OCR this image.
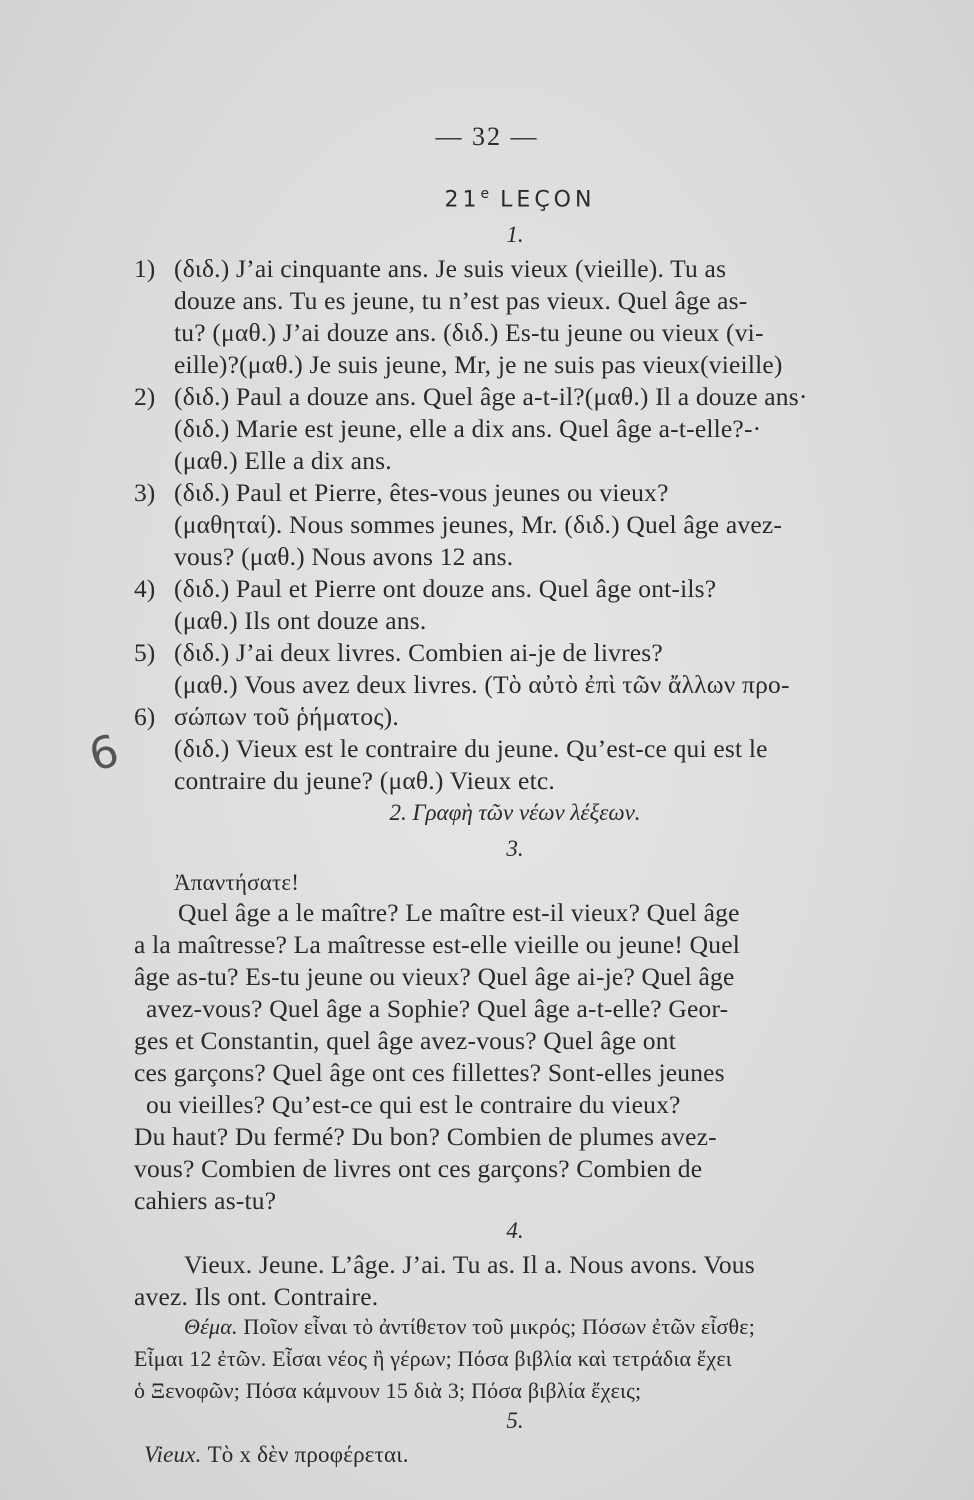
— 32 —
21e LEÇON
1.
1) (διδ.) J’ai cinquante ans. Je suis vieux (vieille). Tu as
douze ans. Tu es jeune, tu n’est pas vieux. Quel âge as-
tu? (μαθ.) J’ai douze ans. (διδ.) Es-tu jeune ou vieux (vi-
eille)?(μαθ.) Je suis jeune, Mr, je ne suis pas vieux(vieille)
2) (διδ.) Paul a douze ans. Quel âge a-t-il?(μαθ.) Il a douze ans·
(διδ.) Marie est jeune, elle a dix ans. Quel âge a-t-elle?-·
(μαθ.) Elle a dix ans.
3) (διδ.) Paul et Pierre, êtes-vous jeunes ou vieux?
(μαθηταί). Nous sommes jeunes, Mr. (διδ.) Quel âge avez-
vous? (μαθ.) Nous avons 12 ans.
4) (διδ.) Paul et Pierre ont douze ans. Quel âge ont-ils?
(μαθ.) Ils ont douze ans.
5) (διδ.) J’ai deux livres. Combien ai-je de livres?
(μαθ.) Vous avez deux livres. (Τὸ αὐτὸ ἐπὶ τῶν ἄλλων προ-
σώπων τοῦ ῥήματος).
6)
(διδ.) Vieux est le contraire du jeune. Qu’est-ce qui est le
contraire du jeune? (μαθ.) Vieux etc.
6
2. Γραφὴ τῶν νέων λέξεων.
3.
Ἀπαντήσατε!
Quel âge a le maître? Le maître est-il vieux? Quel âge
a la maîtresse? La maîtresse est-elle vieille ou jeune! Quel
âge as-tu? Es-tu jeune ou vieux? Quel âge ai-je? Quel âge
avez-vous? Quel âge a Sophie? Quel âge a-t-elle? Geor-
ges et Constantin, quel âge avez-vous? Quel âge ont
ces garçons? Quel âge ont ces fillettes? Sont-elles jeunes
ou vieilles? Qu’est-ce qui est le contraire du vieux?
Du haut? Du fermé? Du bon? Combien de plumes avez-
vous? Combien de livres ont ces garçons? Combien de
cahiers as-tu?
4.
Vieux. Jeune. L’âge. J’ai. Tu as. Il a. Nous avons. Vous
avez. Ils ont. Contraire.
Θέμα. Ποῖον εἶναι τὸ ἀντίθετον τοῦ μικρός; Πόσων ἐτῶν εἶσθε;
Εἶμαι 12 ἐτῶν. Εἶσαι νέος ἢ γέρων; Πόσα βιβλία καὶ τετράδια ἔχει
ὁ Ξενοφῶν; Πόσα κάμνουν 15 διὰ 3; Πόσα βιβλία ἔχεις;
5.
Vieux. Τὸ x δὲν προφέρεται.
